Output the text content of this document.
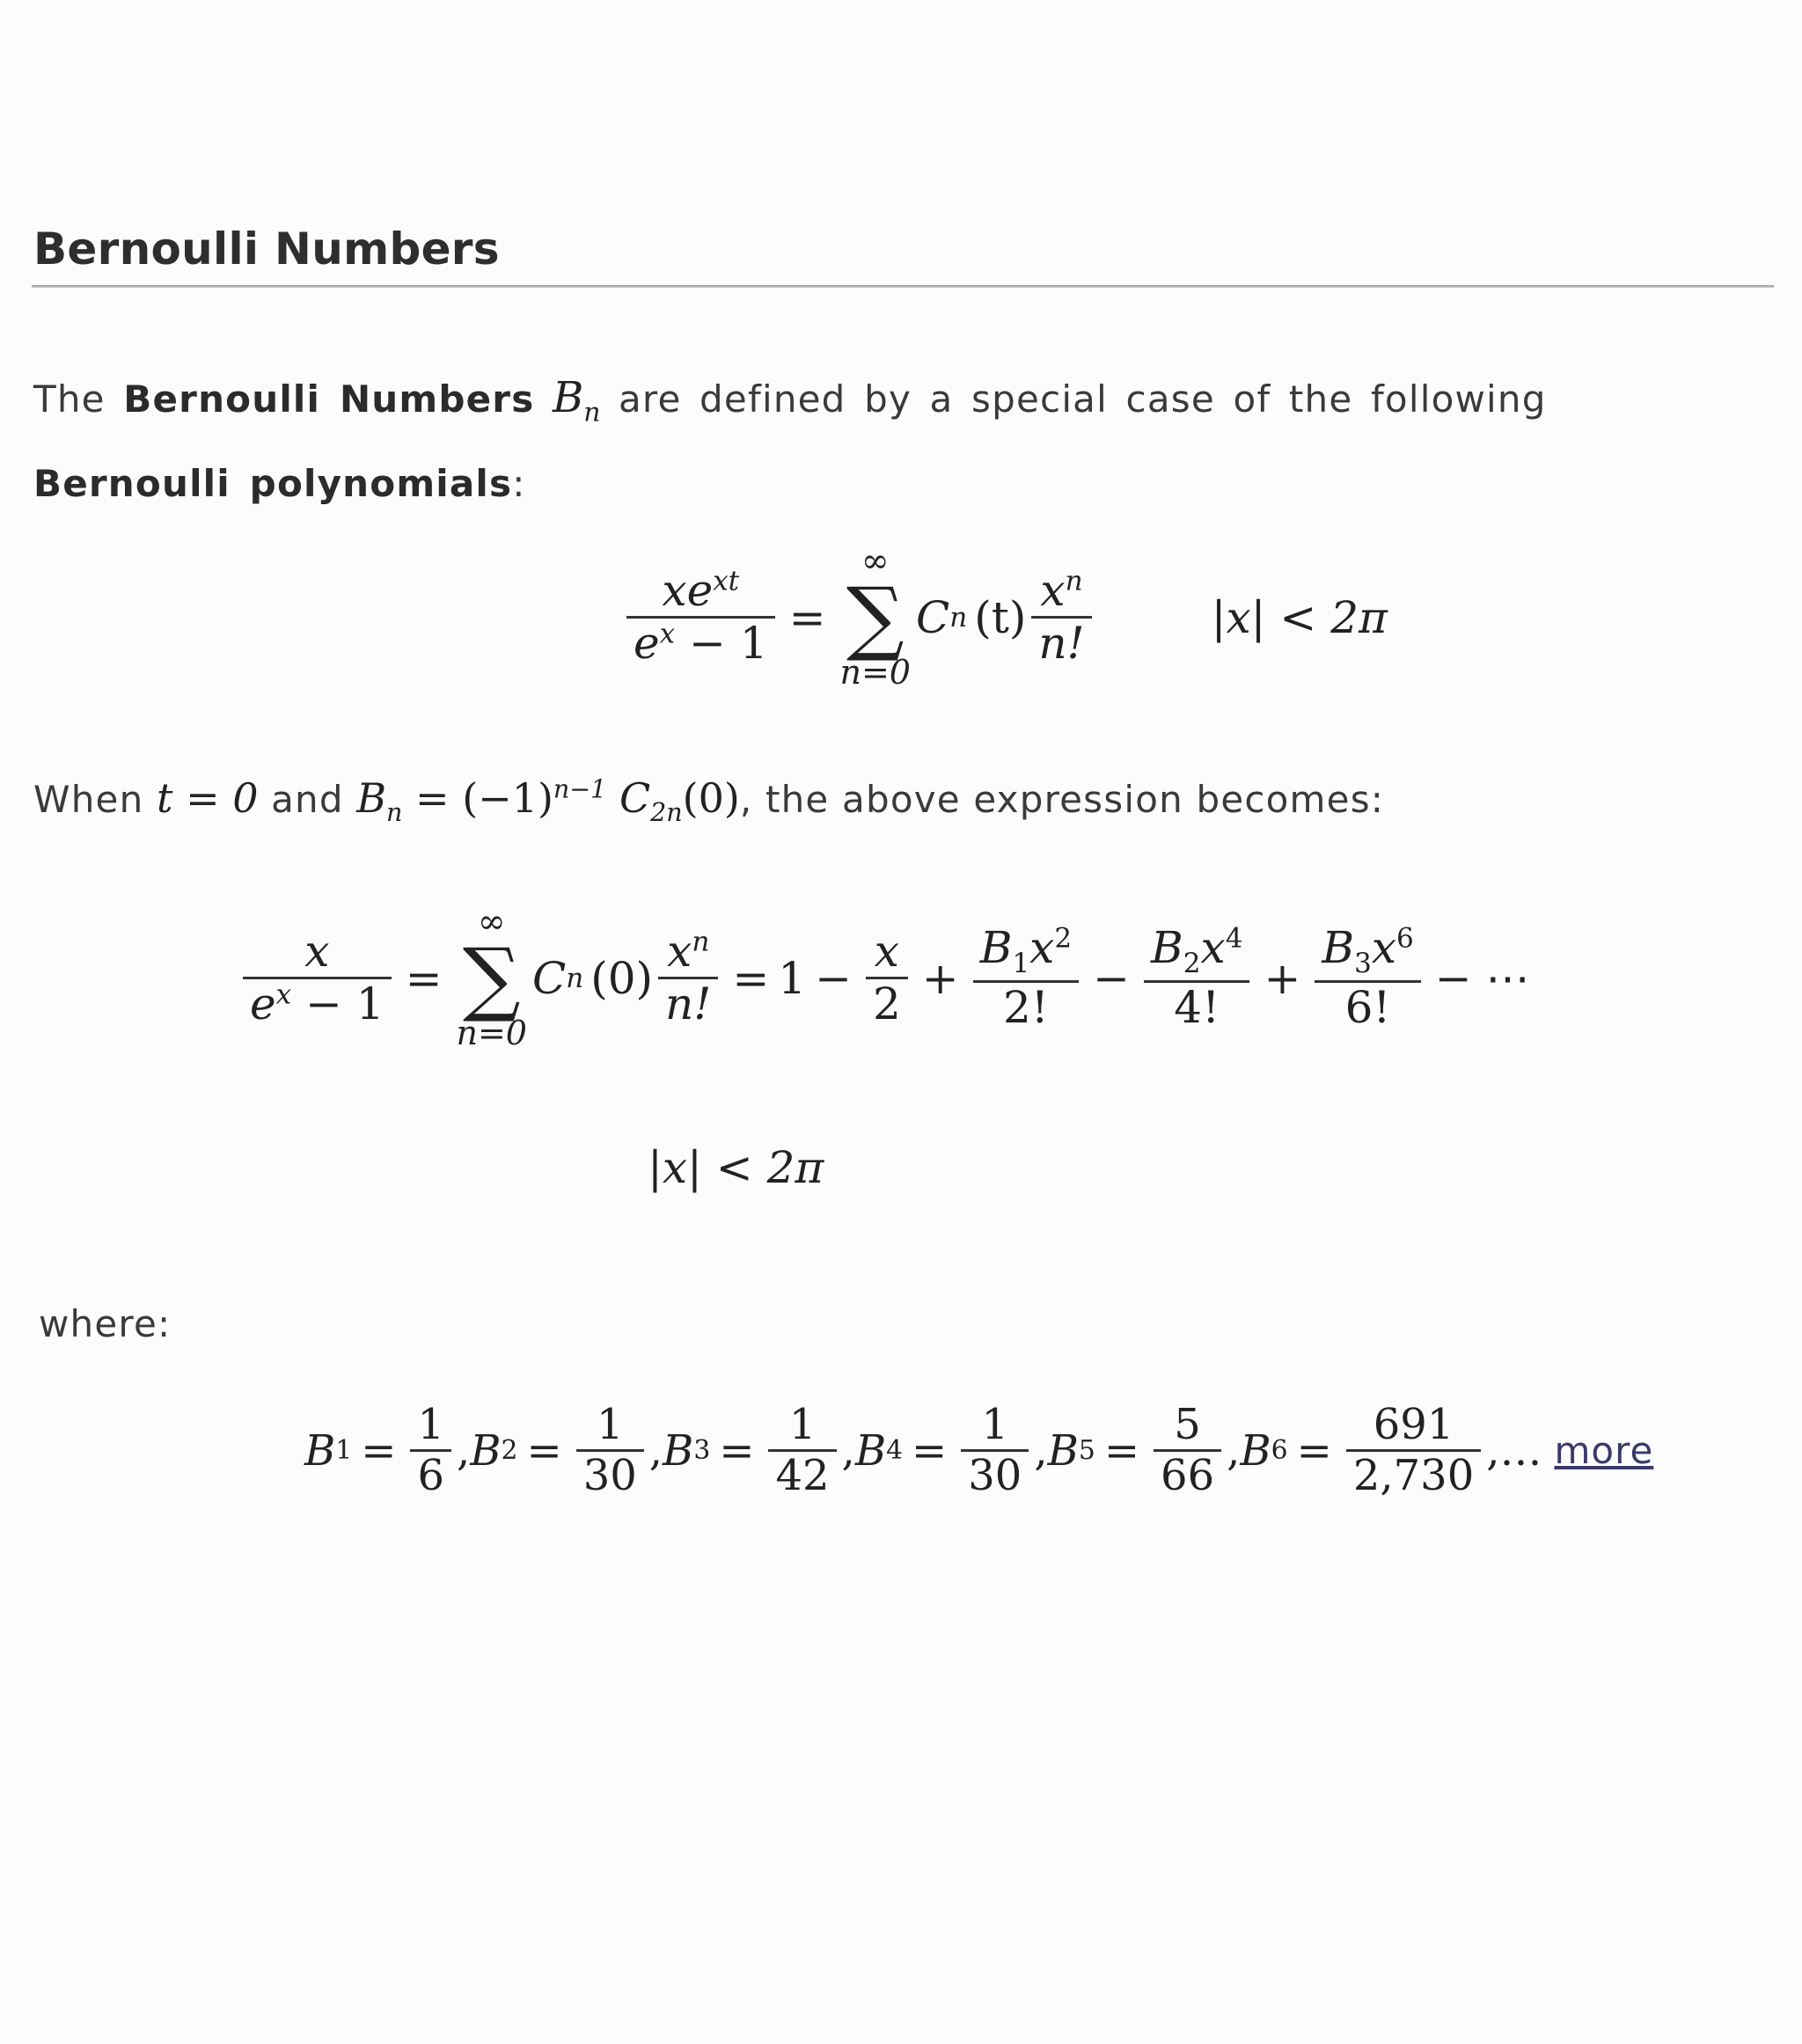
Bernoulli Numbers
The Bernoulli Numbers $B_n$ are defined by a special case of the following Bernoulli polynomials:
$\frac{xe^{xt}}{e^x - 1}$ =
∞
∑
n=0
C n $(t) \frac{x^n}{n!}$	|x| < 2π
When t = 0 and $B_n = (-1)^{n-1}$ $C_{2n}(0)$, the above expression becomes:
$\frac{x}{e^x - 1}$ =
∞
∑
n=0
C n $(0) \frac{x^n}{n!} = 1 - \frac{x}{2} + \frac{B_1x^2}{2!} - \frac{B_2x^4}{4!} + \frac{B_3x^6}{6!}$ − ⋯
|x| < 2π
where:
B $1 = \frac{1}{6}$ , B $2 = \frac{1}{30}$ , B $3 = \frac{1}{42}$ , B $4 = \frac{1}{30}$ , B $5 = \frac{5}{66}$ , B $6 = \frac{691}{2,730}$ ,… more
